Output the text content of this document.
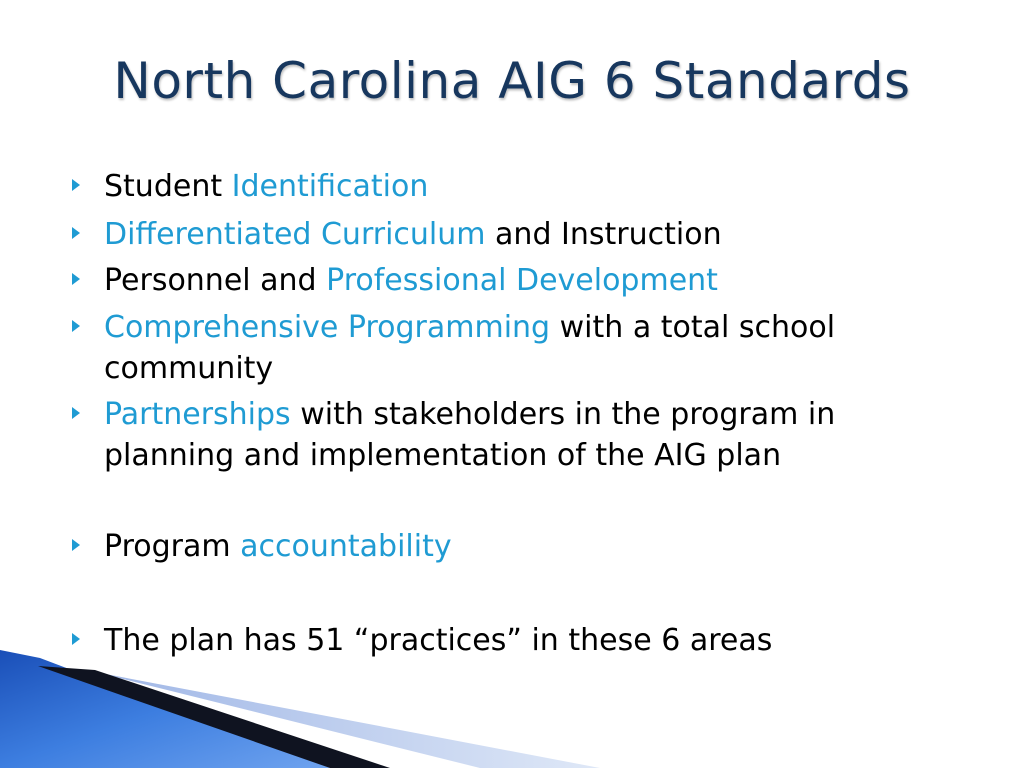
North Carolina AIG 6 Standards
Student Identification
Differentiated Curriculum and Instruction
Personnel and Professional Development
Comprehensive Programming with a total school community
Partnerships with stakeholders in the program in planning and implementation of the AIG plan
Program accountability
The plan has 51 “practices” in these 6 areas
